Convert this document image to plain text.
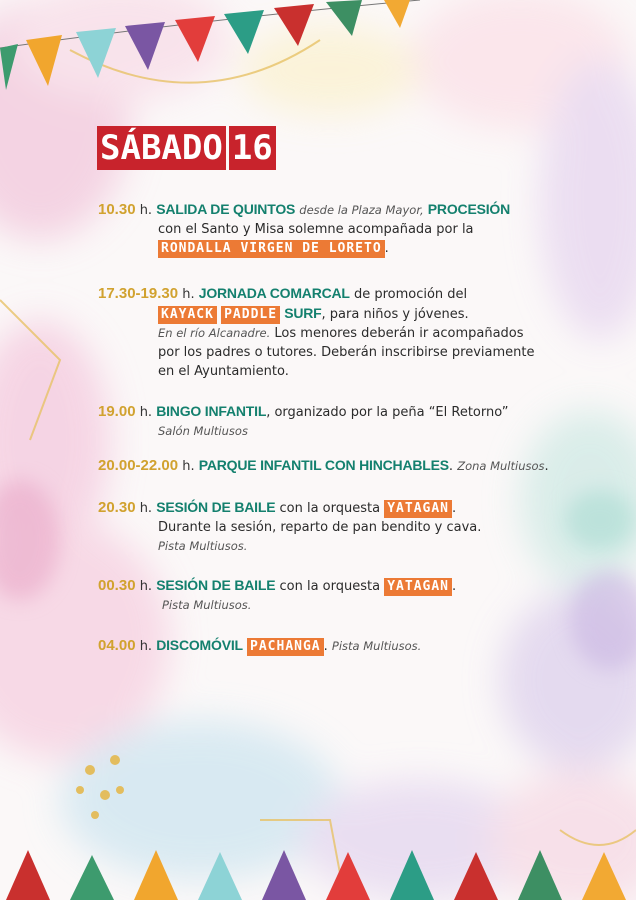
SÁBADO 16
10.30 h. SALIDA DE QUINTOS desde la Plaza Mayor, PROCESIÓN
con el Santo y Misa solemne acompañada por la
RONDALLA VIRGEN DE LORETO .
17.30-19.30 h. JORNADA COMARCAL de promoción del
KAYACK PADDLE SURF, para niños y jóvenes.
En el río Alcanadre. Los menores deberán ir acompañados
por los padres o tutores. Deberán inscribirse previamente
en el Ayuntamiento.
19.00 h. BINGO INFANTIL, organizado por la peña “El Retorno”
Salón Multiusos
20.00-22.00 h. PARQUE INFANTIL CON HINCHABLES. Zona Multiusos.
20.30 h. SESIÓN DE BAILE con la orquesta YATAGAN .
Durante la sesión, reparto de pan bendito y cava.
Pista Multiusos.
00.30 h. SESIÓN DE BAILE con la orquesta YATAGAN .
Pista Multiusos.
04.00 h. DISCOMÓVIL PACHANGA . Pista Multiusos.
